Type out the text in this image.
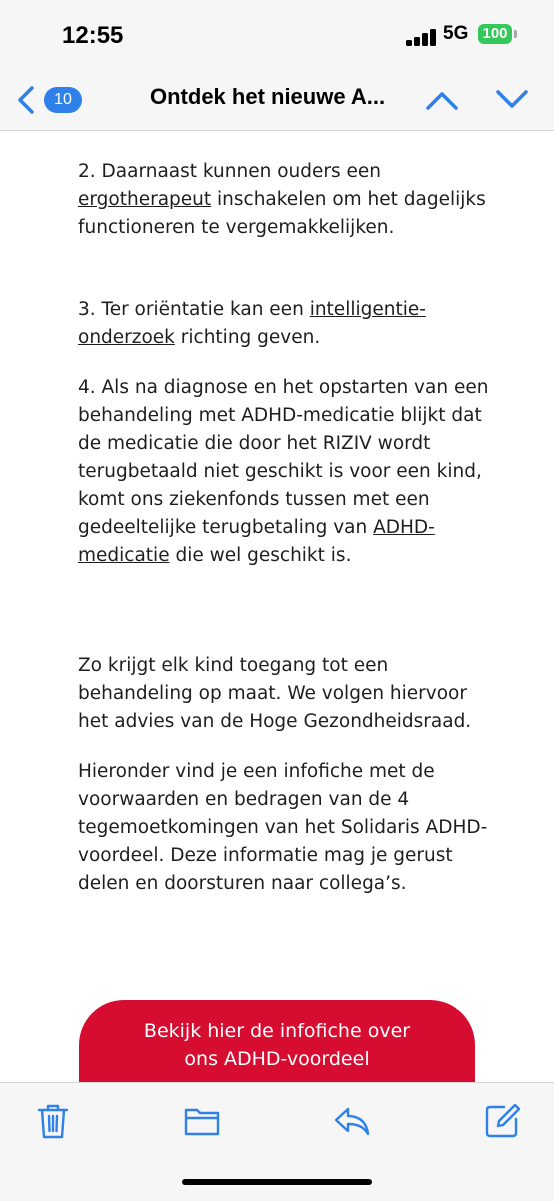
12:55	5G 100
10	Ontdek het nieuwe A...

2. Daarnaast kunnen ouders een ergotherapeut inschakelen om het dagelijks functioneren te vergemakkelijken.

3. Ter oriëntatie kan een intelligentie-onderzoek richting geven.

4. Als na diagnose en het opstarten van een behandeling met ADHD-medicatie blijkt dat de medicatie die door het RIZIV wordt terugbetaald niet geschikt is voor een kind, komt ons ziekenfonds tussen met een gedeeltelijke terugbetaling van ADHD-medicatie die wel geschikt is.

Zo krijgt elk kind toegang tot een behandeling op maat. We volgen hiervoor het advies van de Hoge Gezondheidsraad.

Hieronder vind je een infofiche met de voorwaarden en bedragen van de 4 tegemoetkomingen van het Solidaris ADHD-voordeel. Deze informatie mag je gerust delen en doorsturen naar collega’s.

Bekijk hier de infofiche over
ons ADHD-voordeel
